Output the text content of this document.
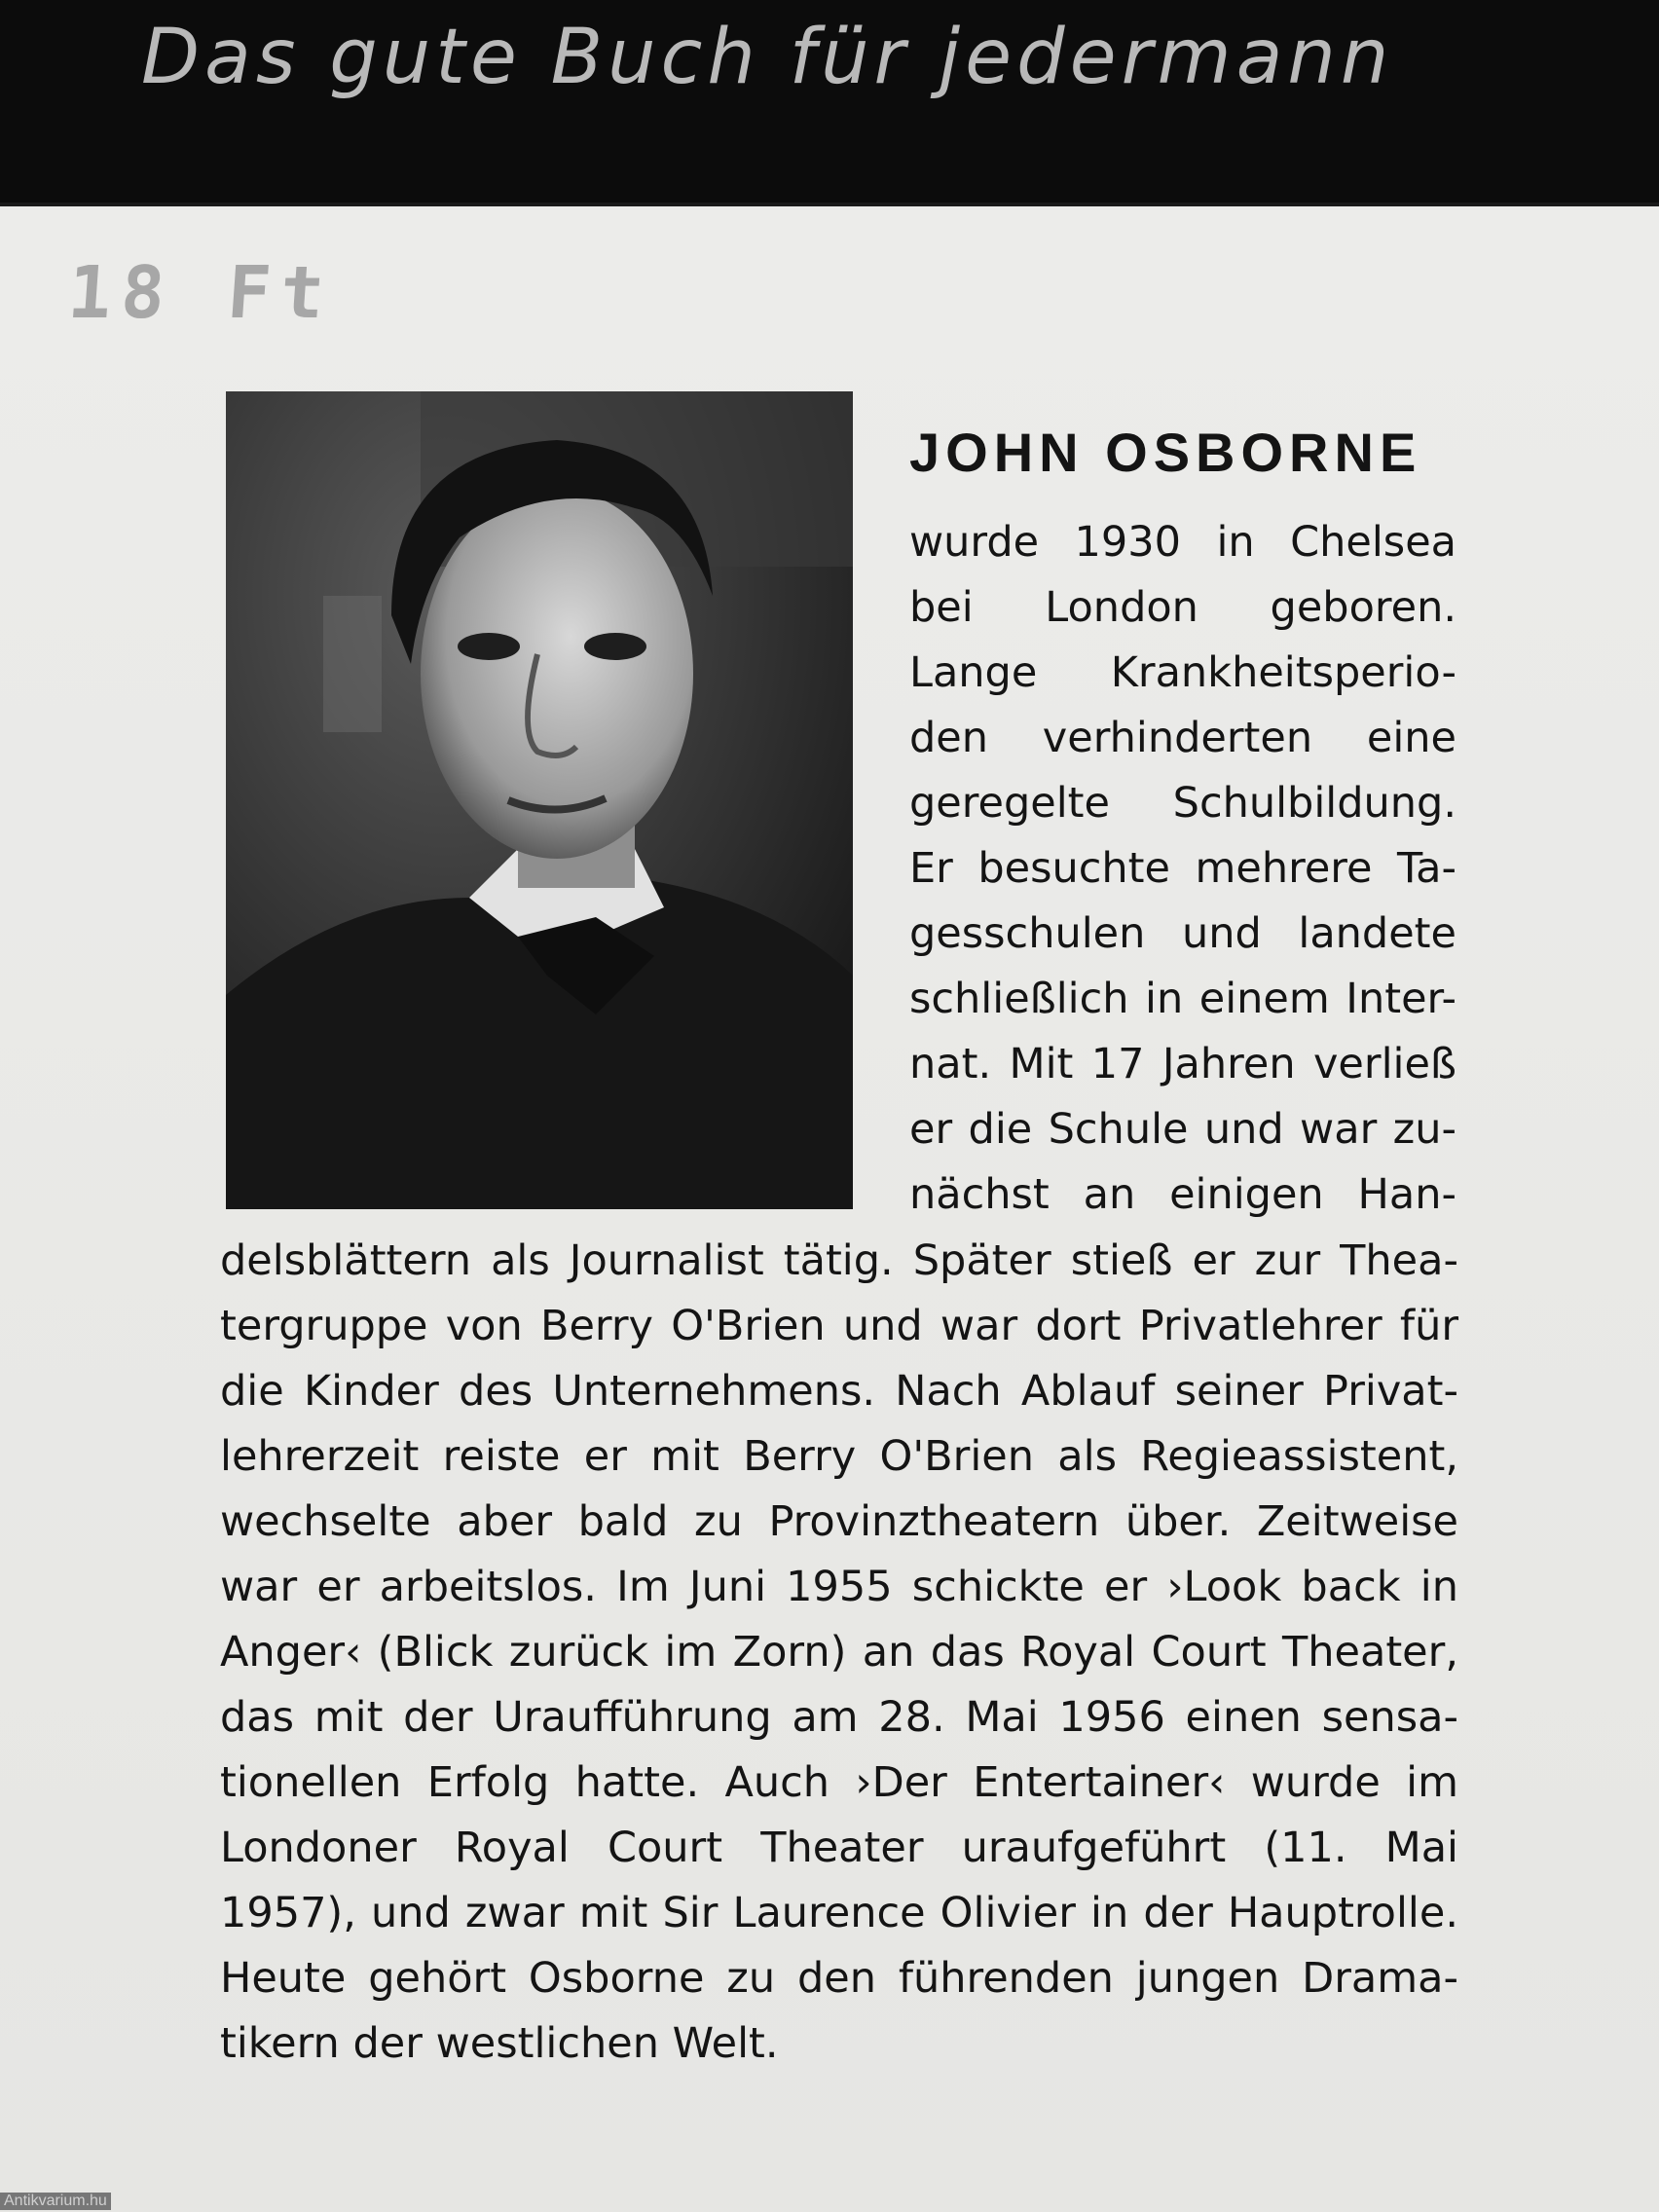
Das gute Buch für jedermann
18 Ft
JOHN OSBORNE

wurde 1930 in Chelsea bei London geboren. Lange Krankheitsperio- den verhinderten eine geregelte Schulbildung. Er besuchte mehrere Ta- gesschulen und landete schließlich in einem Inter- nat. Mit 17 Jahren verließ er die Schule und war zu- nächst an einigen Han-

delsblättern als Journalist tätig. Später stieß er zur Thea- tergruppe von Berry O'Brien und war dort Privatlehrer für die Kinder des Unternehmens. Nach Ablauf seiner Privat- lehrerzeit reiste er mit Berry O'Brien als Regieassistent, wechselte aber bald zu Provinztheatern über. Zeitweise war er arbeitslos. Im Juni 1955 schickte er ›Look back in Anger‹ (Blick zurück im Zorn) an das Royal Court Theater, das mit der Uraufführung am 28. Mai 1956 einen sensa- tionellen Erfolg hatte. Auch ›Der Entertainer‹ wurde im Londoner Royal Court Theater uraufgeführt (11. Mai 1957), und zwar mit Sir Laurence Olivier in der Hauptrolle. Heute gehört Osborne zu den führenden jungen Drama-

tikern der westlichen Welt.

Antikvarium.hu
